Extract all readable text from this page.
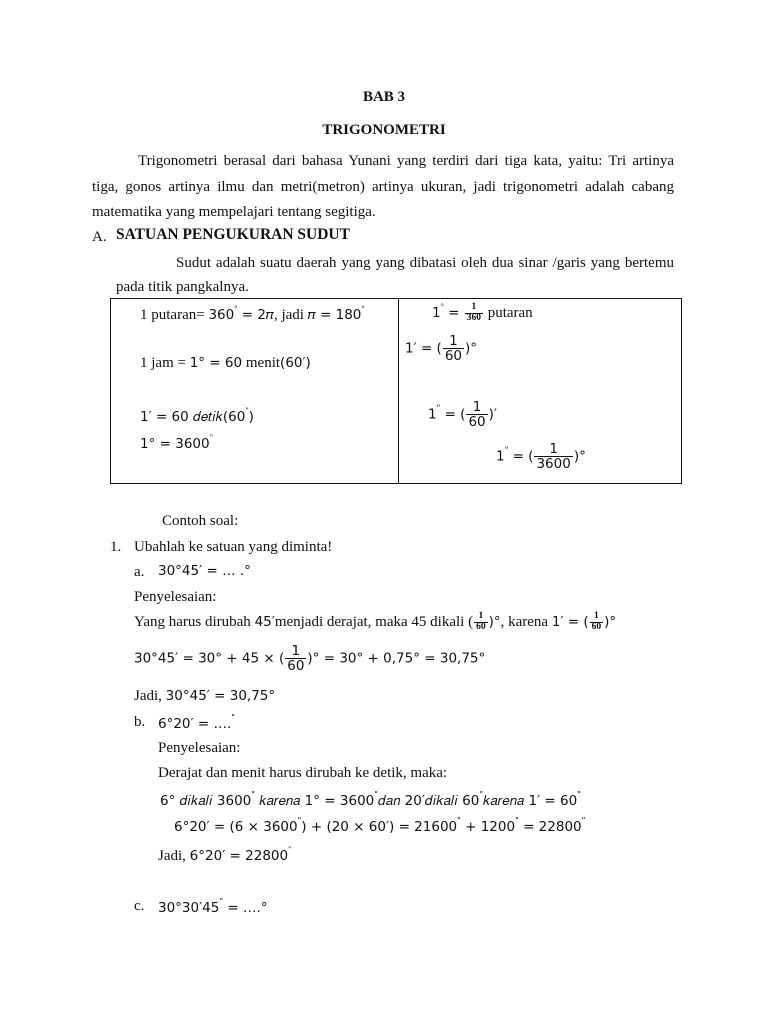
BAB 3
TRIGONOMETRI
Trigonometri berasal dari bahasa Yunani yang terdiri dari tiga kata, yaitu: Tri artinya
tiga, gonos artinya ilmu dan metri(metron) artinya ukuran, jadi trigonometri adalah cabang
matematika yang mempelajari tentang segitiga.
A. SATUAN PENGUKURAN SUDUT
Sudut adalah suatu daerah yang yang dibatasi oleh dua sinar /garis yang bertemu
pada titik pangkalnya.
1 putaran= 360° = 2𝜋, jadi 𝜋 = 180°
1 jam = 1° = 60 menit(60′)
1′ = 60 𝑑𝑒𝑡𝑖𝑘(60")
1° = 3600"
$1^\circ = \frac{1}{360}$ putaran
1′ = ( $\frac{1}{60}$ )°
1" = ( $\frac{1}{60}$ )′
1" = ( $\frac{1}{3600}$ )°
Contoh soal:
1. Ubahlah ke satuan yang diminta!
a. 30°45′ = … .°
Penyelesaian:
Yang harus dirubah 45′menjadi derajat, maka 45 dikali ( $\frac{1}{60}$ )°, karena 1′ = ( $\frac{1}{60}$ )°
30°45′ = 30° + 45 × ( $\frac{1}{60}$ )° = 30° + 0,75° = 30,75°
Jadi, 30°45′ = 30,75°
b. 6°20′ = …."
Penyelesaian:
Derajat dan menit harus dirubah ke detik, maka:
6° 𝑑𝑖𝑘𝑎𝑙𝑖 3600" 𝑘𝑎𝑟𝑒𝑛𝑎 1° = 3600"𝑑𝑎𝑛 20′𝑑𝑖𝑘𝑎𝑙𝑖 60"𝑘𝑎𝑟𝑒𝑛𝑎 1′ = 60"
6°20′ = (6 × 3600") + (20 × 60′) = 21600" + 1200" = 22800"
Jadi, 6°20′ = 22800"
c. 30°30′45" = ….°
